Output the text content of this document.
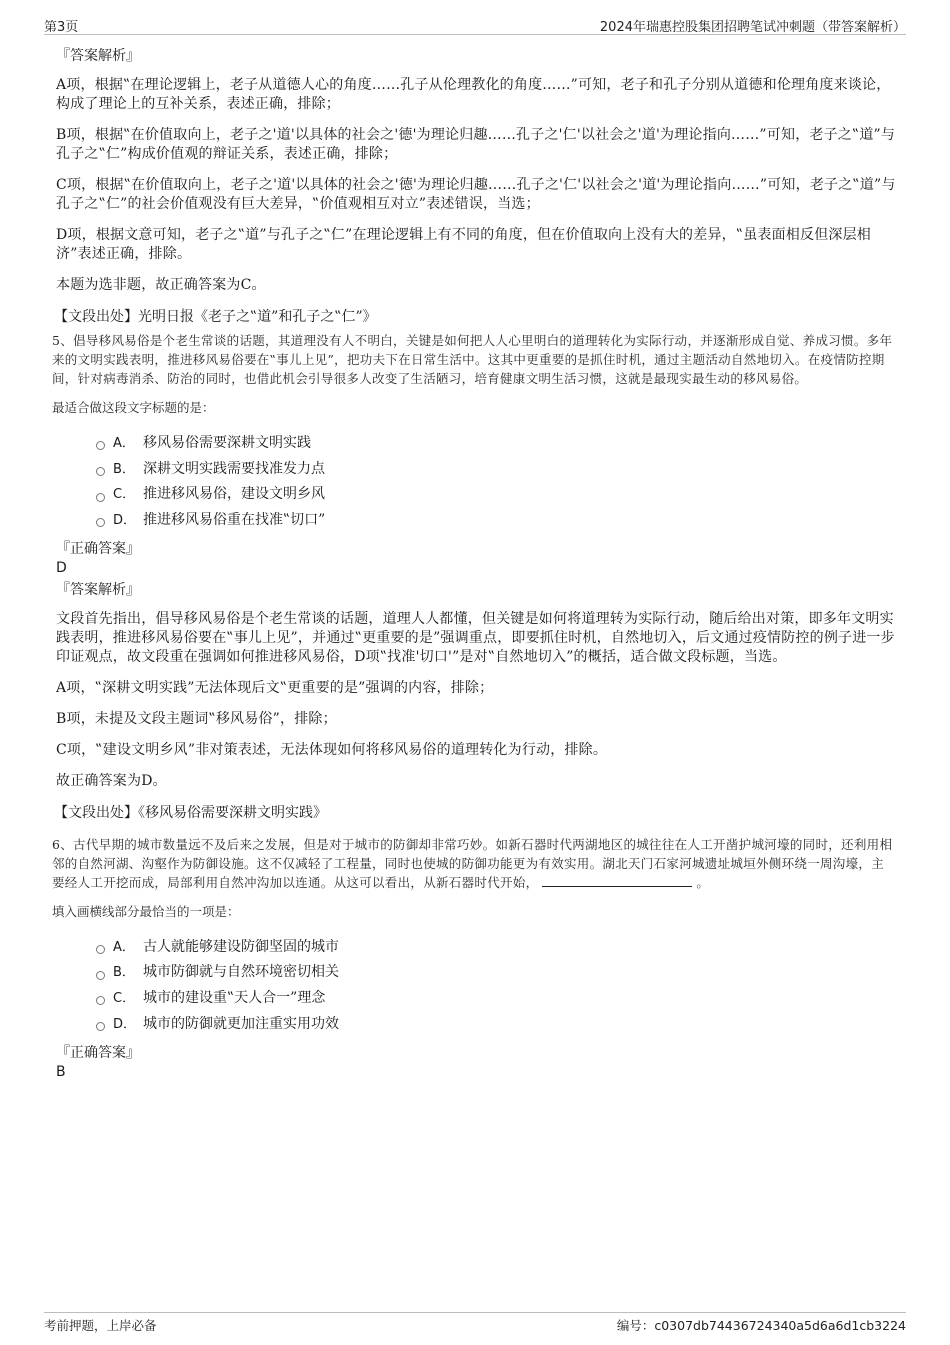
第3页	2024年瑞惠控股集团招聘笔试冲刺题（带答案解析）
『答案解析』

A项，根据‟在理论逻辑上，老子从道德人心的角度……孔子从伦理教化的角度……”可知，老子和孔子分别从道德和伦理角度来谈论，构成了理论上的互补关系，表述正确，排除；

B项，根据‟在价值取向上，老子之'道'以具体的社会之'德'为理论归趣……孔子之'仁'以社会之'道'为理论指向……”可知，老子之‟道”与孔子之‟仁”构成价值观的辩证关系，表述正确，排除；

C项，根据‟在价值取向上，老子之'道'以具体的社会之'德'为理论归趣……孔子之'仁'以社会之'道'为理论指向……”可知，老子之‟道”与孔子之‟仁”的社会价值观没有巨大差异，‟价值观相互对立”表述错误，当选；

D项，根据文意可知，老子之‟道”与孔子之‟仁”在理论逻辑上有不同的角度，但在价值取向上没有大的差异，‟虽表面相反但深层相济”表述正确，排除。

本题为选非题，故正确答案为C。

【文段出处】光明日报《老子之‟道”和孔子之‟仁”》

5、倡导移风易俗是个老生常谈的话题，其道理没有人不明白，关键是如何把人人心里明白的道理转化为实际行动，并逐渐形成自觉、养成习惯。多年来的文明实践表明，推进移风易俗要在‟事儿上见”，把功夫下在日常生活中。这其中更重要的是抓住时机，通过主题活动自然地切入。在疫情防控期间，针对病毒消杀、防治的同时，也借此机会引导很多人改变了生活陋习，培育健康文明生活习惯，这就是最现实最生动的移风易俗。

最适合做这段文字标题的是：

A． 移风易俗需要深耕文明实践
B． 深耕文明实践需要找准发力点
C． 推进移风易俗，建设文明乡风
D． 推进移风易俗重在找准‟切口”
『正确答案』
D
『答案解析』

文段首先指出，倡导移风易俗是个老生常谈的话题，道理人人都懂，但关键是如何将道理转为实际行动，随后给出对策，即多年文明实践表明，推进移风易俗要在‟事儿上见”，并通过‟更重要的是”强调重点，即要抓住时机，自然地切入，后文通过疫情防控的例子进一步印证观点，故文段重在强调如何推进移风易俗，D项‟找准'切口'”是对‟自然地切入”的概括，适合做文段标题，当选。

A项，‟深耕文明实践”无法体现后文‟更重要的是”强调的内容，排除；

B项，未提及文段主题词‟移风易俗”，排除；

C项，‟建设文明乡风”非对策表述，无法体现如何将移风易俗的道理转化为行动，排除。

故正确答案为D。

【文段出处】《移风易俗需要深耕文明实践》

6、古代早期的城市数量远不及后来之发展，但是对于城市的防御却非常巧妙。如新石器时代两湖地区的城往往在人工开凿护城河壕的同时，还利用相邻的自然河湖、沟壑作为防御设施。这不仅减轻了工程量，同时也使城的防御功能更为有效实用。湖北天门石家河城遗址城垣外侧环绕一周沟壕，主要经人工开挖而成，局部利用自然冲沟加以连通。从这可以看出，从新石器时代开始，	。

填入画横线部分最恰当的一项是：

A． 古人就能够建设防御坚固的城市
B． 城市防御就与自然环境密切相关
C． 城市的建设重‟天人合一”理念
D． 城市的防御就更加注重实用功效
『正确答案』
B
考前押题，上岸必备	编号：c0307db74436724340a5d6a6d1cb3224
